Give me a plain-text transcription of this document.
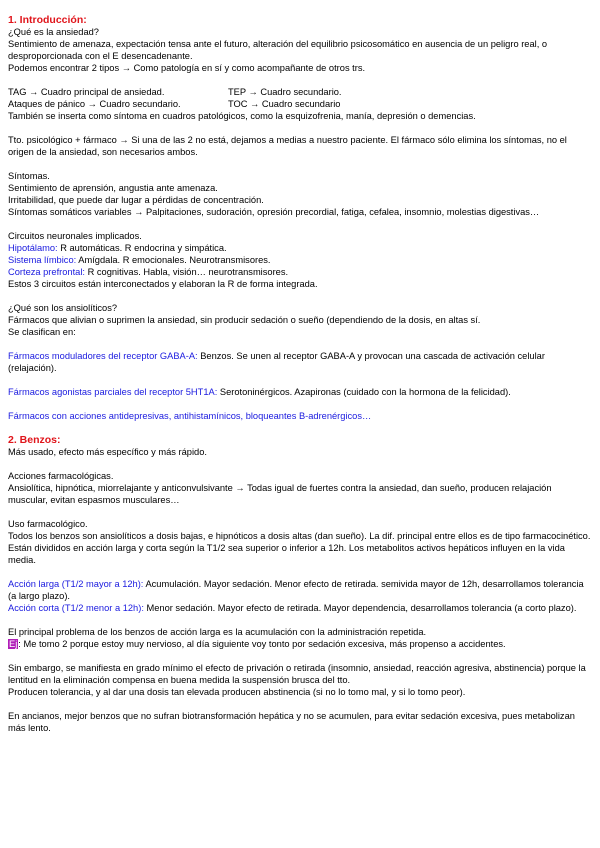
1. Introducción:
¿Qué es la ansiedad?
Sentimiento de amenaza, expectación tensa ante el futuro, alteración del equilibrio psicosomático en ausencia de un peligro real, o desproporcionada con el E desencadenante.
Podemos encontrar 2 tipos → Como patología en sí y como acompañante de otros trs.
TAG → Cuadro principal de ansiedad.	TEP → Cuadro secundario.
Ataques de pánico → Cuadro secundario.	TOC → Cuadro secundario
También se inserta como síntoma en cuadros patológicos, como la esquizofrenia, manía, depresión o demencias.
Tto. psicológico + fármaco → Si una de las 2 no está, dejamos a medias a nuestro paciente. El fármaco sólo elimina los síntomas, no el origen de la ansiedad, son necesarios ambos.
Síntomas.
Sentimiento de aprensión, angustia ante amenaza.
Irritabilidad, que puede dar lugar a pérdidas de concentración.
Síntomas somáticos variables → Palpitaciones, sudoración, opresión precordial, fatiga, cefalea, insomnio, molestias digestivas…
Circuitos neuronales implicados.
Hipotálamo: R automáticas. R endocrina y simpática.
Sistema límbico: Amígdala. R emocionales. Neurotransmisores.
Corteza prefrontal: R cognitivas. Habla, visión… neurotransmisores.
Estos 3 circuitos están interconectados y elaboran la R de forma integrada.
¿Qué son los ansiolíticos?
Fármacos que alivian o suprimen la ansiedad, sin producir sedación o sueño (dependiendo de la dosis, en altas sí.
Se clasifican en:
Fármacos moduladores del receptor GABA-A: Benzos. Se unen al receptor GABA-A y provocan una cascada de activación celular (relajación).
Fármacos agonistas parciales del receptor 5HT1A: Serotoninérgicos. Azapironas (cuidado con la hormona de la felicidad).
Fármacos con acciones antidepresivas, antihistamínicos, bloqueantes B-adrenérgicos…
2. Benzos:
Más usado, efecto más específico y más rápido.
Acciones farmacológicas.
Ansiolítica, hipnótica, miorrelajante y anticonvulsivante → Todas igual de fuertes contra la ansiedad, dan sueño, producen relajación muscular, evitan espasmos musculares…
Uso farmacológico.
Todos los benzos son ansiolíticos a dosis bajas, e hipnóticos a dosis altas (dan sueño). La dif. principal entre ellos es de tipo farmacocinético.
Están divididos en acción larga y corta según la T1/2 sea superior o inferior a 12h. Los metabolitos activos hepáticos influyen en la vida media.
Acción larga (T1/2 mayor a 12h): Acumulación. Mayor sedación. Menor efecto de retirada. semivida mayor de 12h, desarrollamos tolerancia (a largo plazo).
Acción corta (T1/2 menor a 12h): Menor sedación. Mayor efecto de retirada. Mayor dependencia, desarrollamos tolerancia (a corto plazo).
El principal problema de los benzos de acción larga es la acumulación con la administración repetida.
Ej: Me tomo 2 porque estoy muy nervioso, al día siguiente voy tonto por sedación excesiva, más propenso a accidentes.
Sin embargo, se manifiesta en grado mínimo el efecto de privación o retirada (insomnio, ansiedad, reacción agresiva, abstinencia) porque la lentitud en la eliminación compensa en buena medida la suspensión brusca del tto.
Producen tolerancia, y al dar una dosis tan elevada producen abstinencia (si no lo tomo mal, y si lo tomo peor).
En ancianos, mejor benzos que no sufran biotransformación hepática y no se acumulen, para evitar sedación excesiva, pues metabolizan más lento.
